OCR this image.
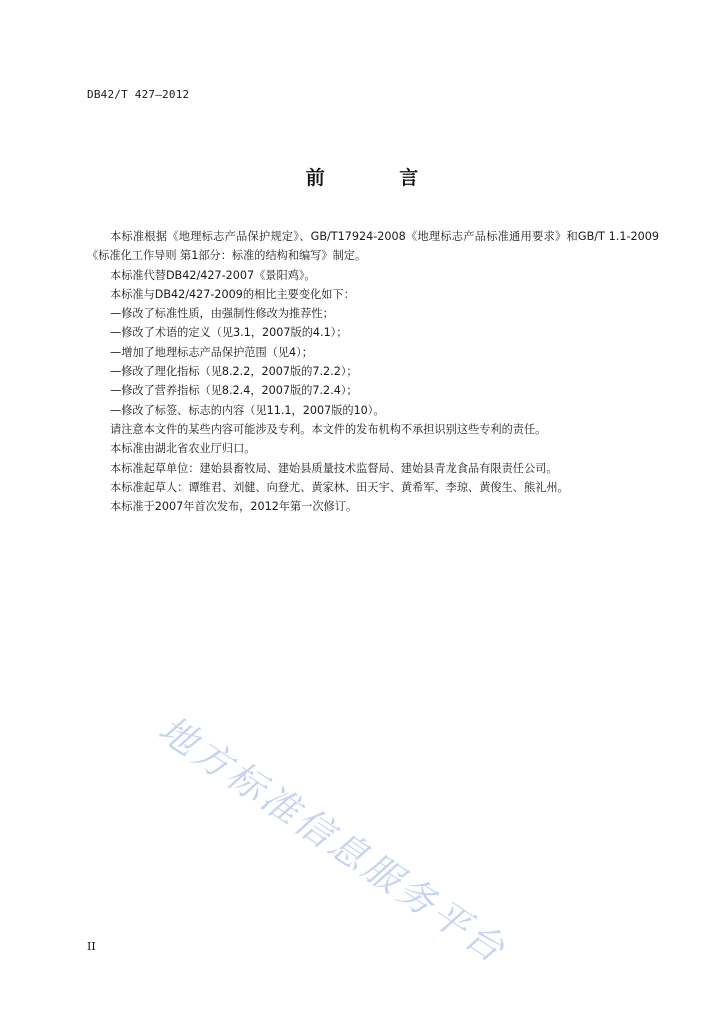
DB42/T 427—2012
前 言

本标准根据《地理标志产品保护规定》、GB/T17924-2008《地理标志产品标准通用要求》和GB/T 1.1-2009《标准化工作导则 第1部分：标准的结构和编写》制定。

本标准代替DB42/427-2007《景阳鸡》。

本标准与DB42/427-2009的相比主要变化如下：

—修改了标准性质，由强制性修改为推荐性；

—修改了术语的定义（见3.1，2007版的4.1）；

—增加了地理标志产品保护范围（见4）；

—修改了理化指标（见8.2.2，2007版的7.2.2）；

—修改了营养指标（见8.2.4，2007版的7.2.4）；

—修改了标签、标志的内容（见11.1，2007版的10）。

请注意本文件的某些内容可能涉及专利。本文件的发布机构不承担识别这些专利的责任。

本标准由湖北省农业厅归口。

本标准起草单位：建始县畜牧局、建始县质量技术监督局、建始县青龙食品有限责任公司。

本标准起草人：谭维君、刘健、向登尤、黄家林、田天宇、黄希军、李琼、黄俊生、熊礼州。

本标准于2007年首次发布，2012年第一次修订。

地方标准信息服务平台
II
